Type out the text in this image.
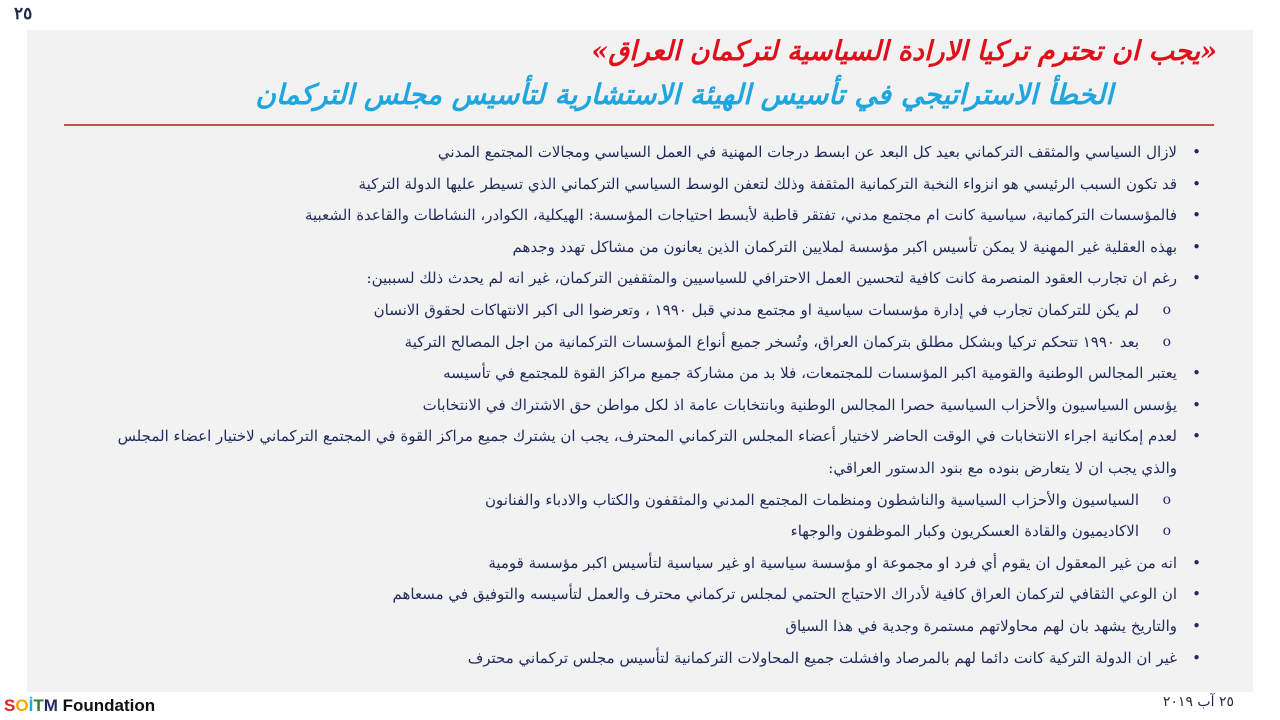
٢٥
«يجب ان تحترم تركيا الارادة السياسية لتركمان العراق»
الخطأ الاستراتيجي في تأسيس الهيئة الاستشارية لتأسيس مجلس التركمان
• لازال السياسي والمثقف التركماني بعيد كل البعد عن ابسط درجات المهنية في العمل السياسي ومجالات المجتمع المدني
• قد تكون السبب الرئيسي هو انزواء النخبة التركمانية المثقفة وذلك لتعفن الوسط السياسي التركماني الذي تسيطر عليها الدولة التركية
• فالمؤسسات التركمانية، سياسية كانت ام مجتمع مدني، تفتقر قاطبة لأبسط احتياجات المؤسسة: الهيكلية، الكوادر، النشاطات والقاعدة الشعبية
• بهذه العقلية غير المهنية لا يمكن تأسيس اكبر مؤسسة لملايين التركمان الذين يعانون من مشاكل تهدد وجدهم
• رغم ان تجارب العقود المنصرمة كانت كافية لتحسين العمل الاحترافي للسياسيين والمثقفين التركمان، غير انه لم يحدث ذلك لسببين:
o لم يكن للتركمان تجارب في إدارة مؤسسات سياسية او مجتمع مدني قبل ١٩٩٠ ، وتعرضوا الى اكبر الانتهاكات لحقوق الانسان
o بعد ١٩٩٠ تتحكم تركيا وبشكل مطلق بتركمان العراق، وتُسخر جميع أنواع المؤسسات التركمانية من اجل المصالح التركية
• يعتبر المجالس الوطنية والقومية اكبر المؤسسات للمجتمعات، فلا بد من مشاركة جميع مراكز القوة للمجتمع في تأسيسه
• يؤسس السياسيون والأحزاب السياسية حصرا المجالس الوطنية وبانتخابات عامة اذ لكل مواطن حق الاشتراك في الانتخابات
• لعدم إمكانية اجراء الانتخابات في الوقت الحاضر لاختيار أعضاء المجلس التركماني المحترف، يجب ان يشترك جميع مراكز القوة في المجتمع التركماني لاختيار اعضاء المجلس والذي يجب ان لا يتعارض بنوده مع بنود الدستور العراقي:
o السياسيون والأحزاب السياسية والناشطون ومنظمات المجتمع المدني والمثقفون والكتاب والادباء والفنانون
o الاكاديميون والقادة العسكريون وكبار الموظفون والوجهاء
• انه من غير المعقول ان يقوم أي فرد او مجموعة او مؤسسة سياسية او غير سياسية لتأسيس اكبر مؤسسة قومية
• ان الوعي الثقافي لتركمان العراق كافية لأدراك الاحتياج الحتمي لمجلس تركماني محترف والعمل لتأسيسه والتوفيق في مسعاهم
• والتاريخ يشهد بان لهم محاولاتهم مستمرة وجدية في هذا السياق
• غير ان الدولة التركية كانت دائما لهم بالمرصاد وافشلت جميع المحاولات التركمانية لتأسيس مجلس تركماني محترف
SOİTM Foundation	٢٥ آب ٢٠١٩
